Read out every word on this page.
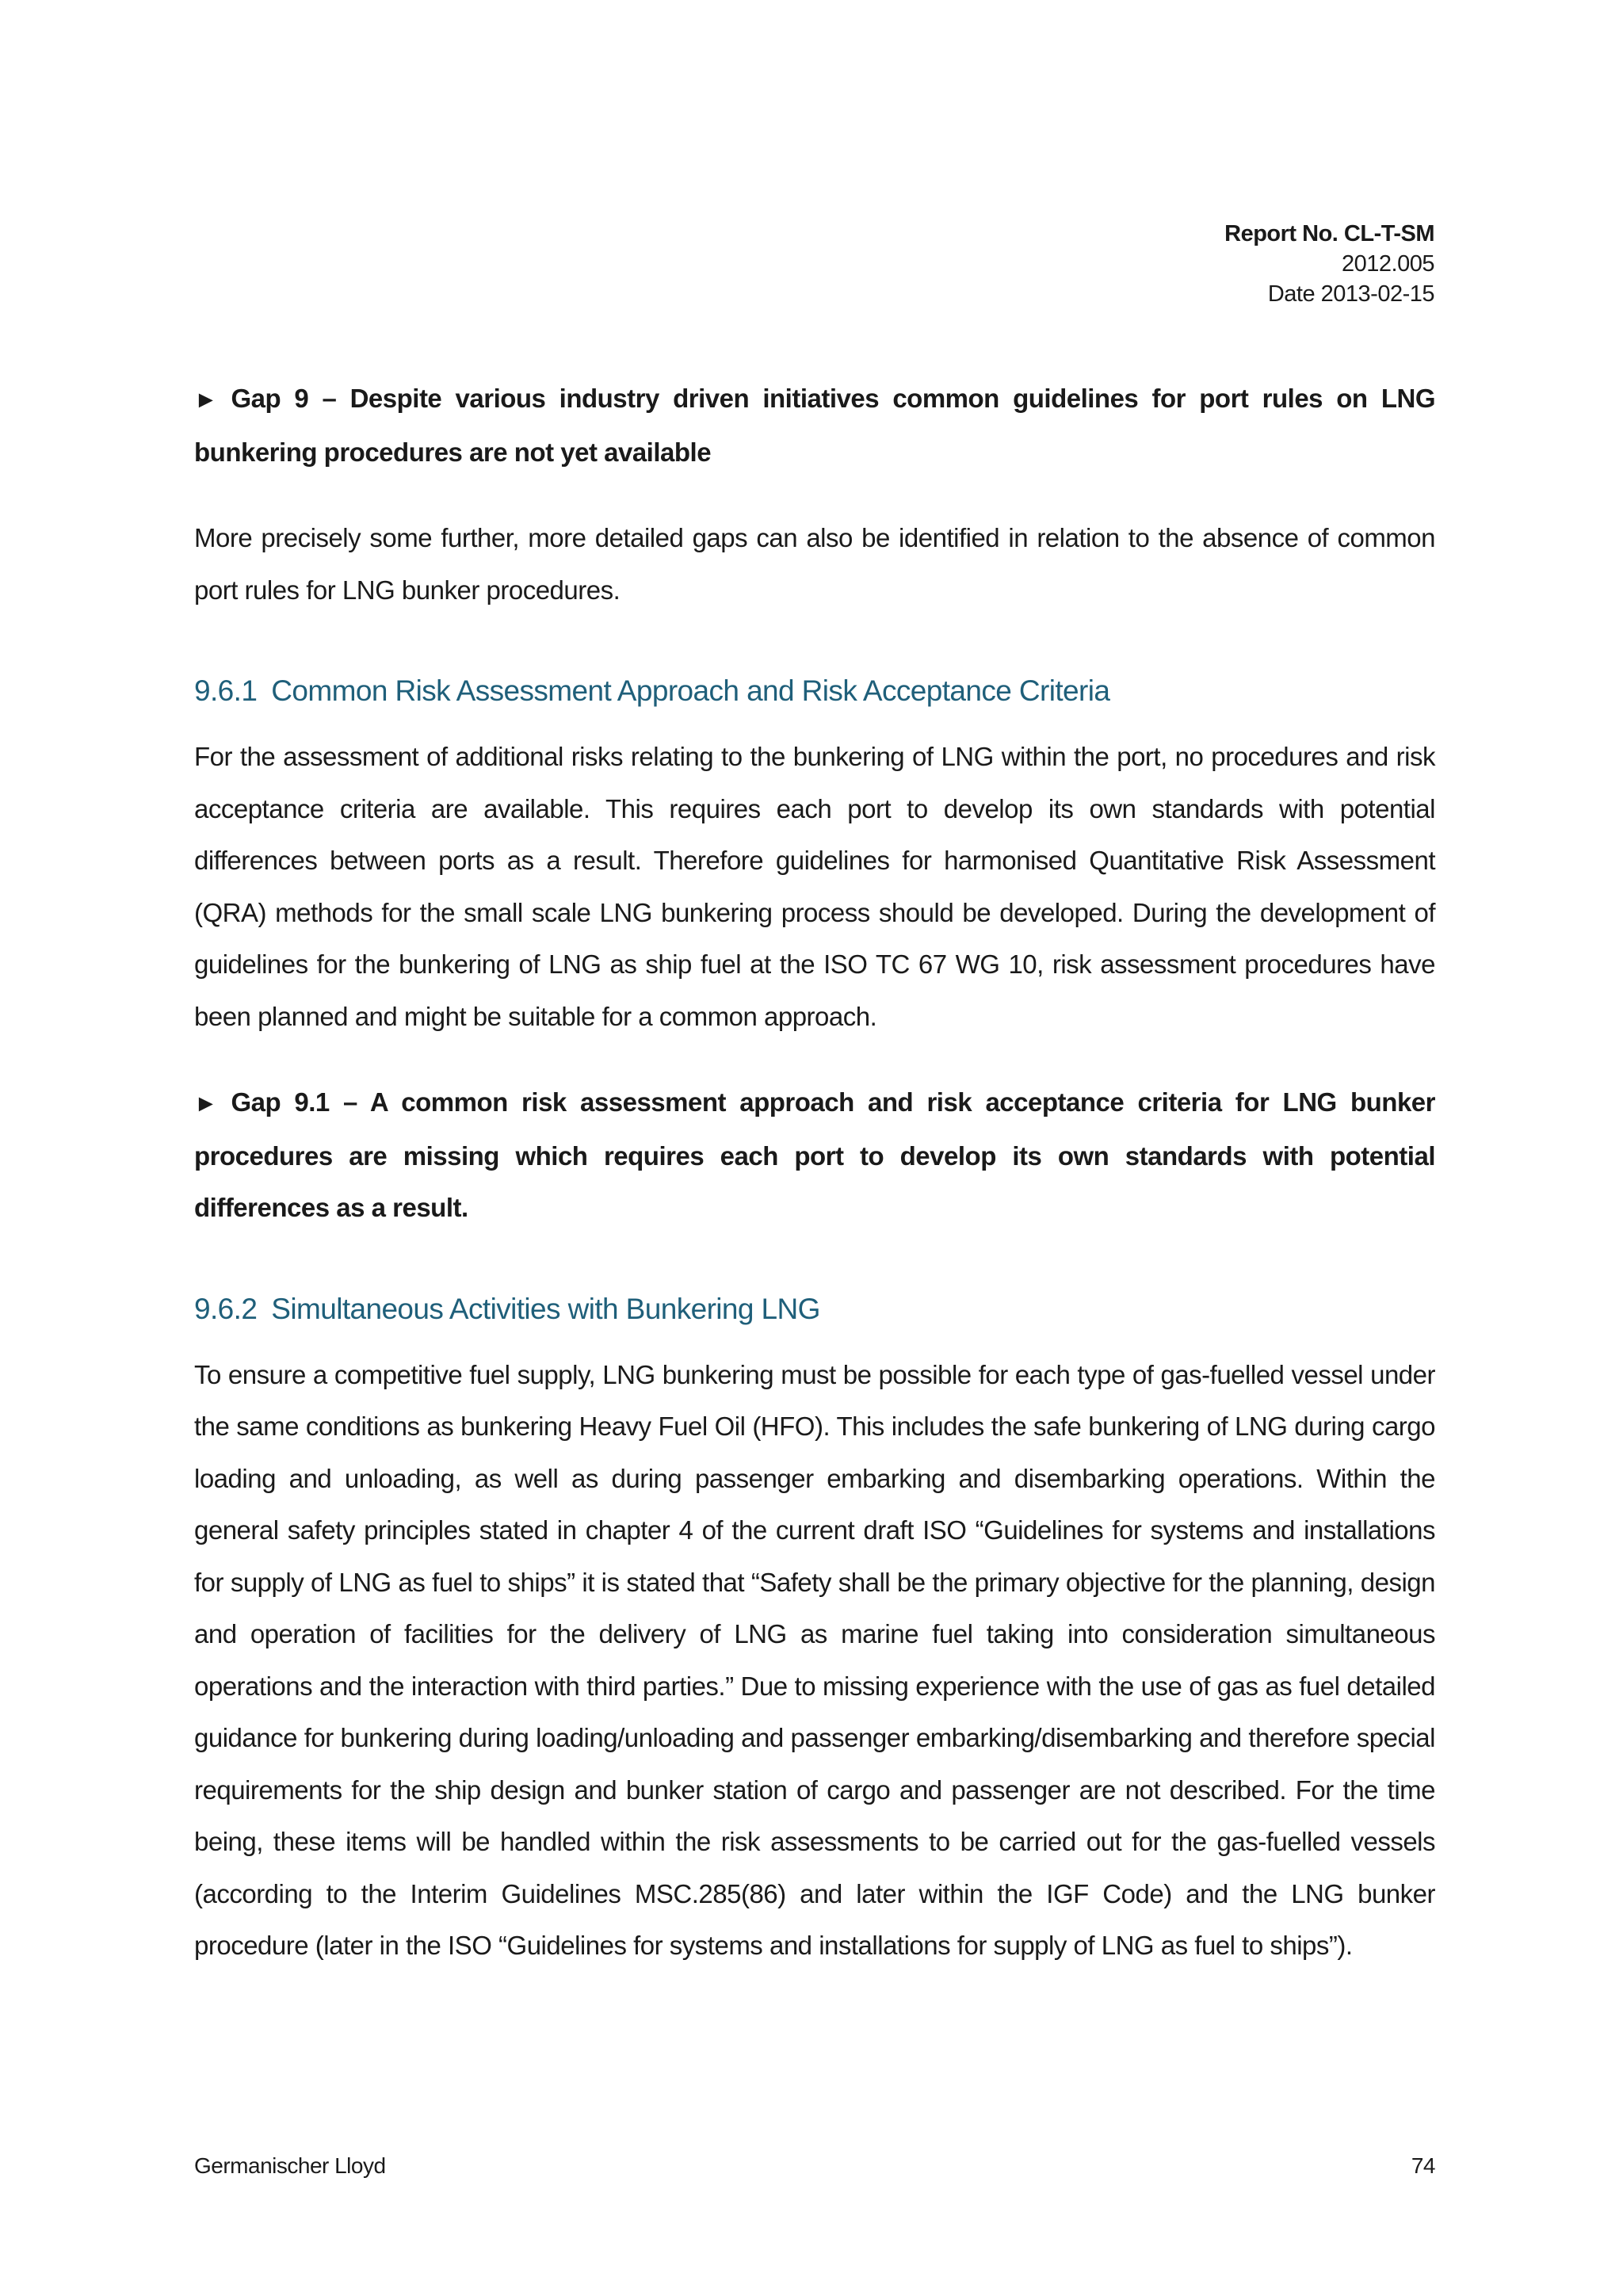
Report No. CL-T-SM
2012.005
Date 2013-02-15

► Gap 9 – Despite various industry driven initiatives common guidelines for port rules on LNG bunkering procedures are not yet available

More precisely some further, more detailed gaps can also be identified in relation to the absence of common port rules for LNG bunker procedures.

9.6.1 Common Risk Assessment Approach and Risk Acceptance Criteria

For the assessment of additional risks relating to the bunkering of LNG within the port, no procedures and risk acceptance criteria are available. This requires each port to develop its own standards with potential differences between ports as a result. Therefore guidelines for harmonised Quantitative Risk Assessment (QRA) methods for the small scale LNG bunkering process should be developed. During the development of guidelines for the bunkering of LNG as ship fuel at the ISO TC 67 WG 10, risk assessment procedures have been planned and might be suitable for a common approach.

► Gap 9.1 – A common risk assessment approach and risk acceptance criteria for LNG bunker procedures are missing which requires each port to develop its own standards with potential differences as a result.

9.6.2 Simultaneous Activities with Bunkering LNG

To ensure a competitive fuel supply, LNG bunkering must be possible for each type of gas-fuelled vessel under the same conditions as bunkering Heavy Fuel Oil (HFO). This includes the safe bunkering of LNG during cargo loading and unloading, as well as during passenger embarking and disembarking operations. Within the general safety principles stated in chapter 4 of the current draft ISO “Guidelines for systems and installations for supply of LNG as fuel to ships” it is stated that “Safety shall be the primary objective for the planning, design and operation of facilities for the delivery of LNG as marine fuel taking into consideration simultaneous operations and the interaction with third parties.” Due to missing experience with the use of gas as fuel detailed guidance for bunkering during loading/unloading and passenger embarking/disembarking and therefore special requirements for the ship design and bunker station of cargo and passenger are not described. For the time being, these items will be handled within the risk assessments to be carried out for the gas-fuelled vessels (according to the Interim Guidelines MSC.285(86) and later within the IGF Code) and the LNG bunker procedure (later in the ISO “Guidelines for systems and installations for supply of LNG as fuel to ships”).

Germanischer Lloyd	74
